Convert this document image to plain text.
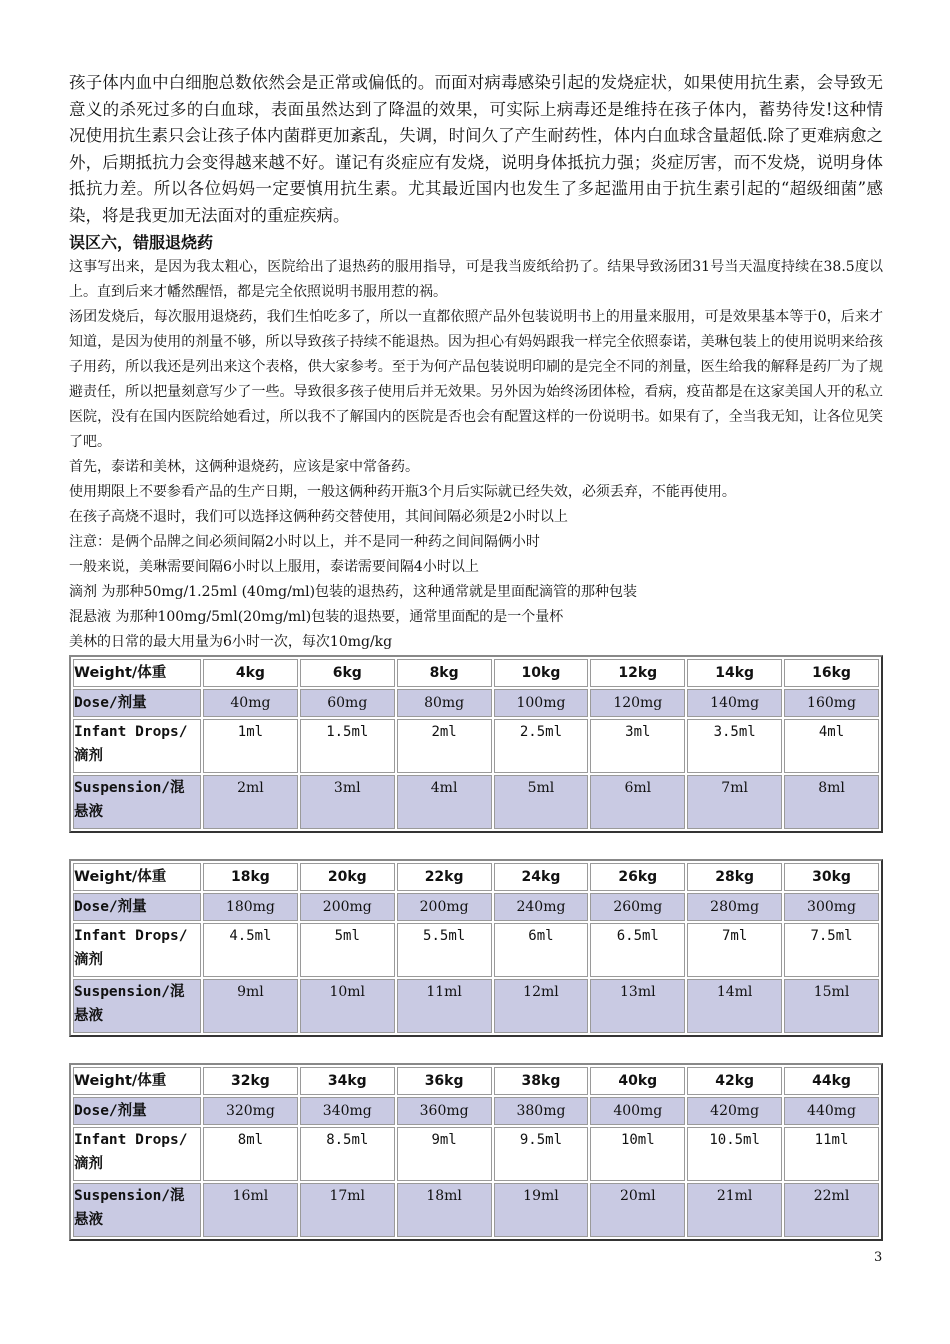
孩子体内血中白细胞总数依然会是正常或偏低的。而面对病毒感染引起的发烧症状，如果使用抗生素，会导致无意义的杀死过多的白血球，表面虽然达到了降温的效果，可实际上病毒还是维持在孩子体内，蓄势待发!这种情况使用抗生素只会让孩子体内菌群更加紊乱，失调，时间久了产生耐药性，体内白血球含量超低.除了更难病愈之外，后期抵抗力会变得越来越不好。谨记有炎症应有发烧，说明身体抵抗力强；炎症厉害，而不发烧，说明身体抵抗力差。所以各位妈妈一定要慎用抗生素。尤其最近国内也发生了多起滥用由于抗生素引起的“超级细菌”感染，将是我更加无法面对的重症疾病。

误区六，错服退烧药

这事写出来，是因为我太粗心，医院给出了退热药的服用指导，可是我当废纸给扔了。结果导致汤团31号当天温度持续在38.5度以上。直到后来才幡然醒悟，都是完全依照说明书服用惹的祸。

汤团发烧后，每次服用退烧药，我们生怕吃多了，所以一直都依照产品外包装说明书上的用量来服用，可是效果基本等于0，后来才知道，是因为使用的剂量不够，所以导致孩子持续不能退热。因为担心有妈妈跟我一样完全依照泰诺，美琳包装上的使用说明来给孩子用药，所以我还是列出来这个表格，供大家参考。至于为何产品包装说明印刷的是完全不同的剂量，医生给我的解释是药厂为了规避责任，所以把量刻意写少了一些。导致很多孩子使用后并无效果。另外因为始终汤团体检，看病，疫苗都是在这家美国人开的私立医院，没有在国内医院给她看过，所以我不了解国内的医院是否也会有配置这样的一份说明书。如果有了，全当我无知，让各位见笑了吧。

首先，泰诺和美林，这俩种退烧药，应该是家中常备药。

使用期限上不要参看产品的生产日期，一般这俩种药开瓶3个月后实际就已经失效，必须丢弃，不能再使用。

在孩子高烧不退时，我们可以选择这俩种药交替使用，其间间隔必须是2小时以上

注意：是俩个品牌之间必须间隔2小时以上，并不是同一种药之间间隔俩小时

一般来说，美琳需要间隔6小时以上服用，泰诺需要间隔4小时以上

滴剂 为那种50mg/1.25ml (40mg/ml)包装的退热药，这种通常就是里面配滴管的那种包装

混悬液 为那种100mg/5ml(20mg/ml)包装的退热要，通常里面配的是一个量杯

美林的日常的最大用量为6小时一次，每次10mg/kg

Weight/体重	4kg	6kg	8kg	10kg	12kg	14kg	16kg

Dose/剂量	40mg	60mg	80mg	100mg	120mg	140mg	160mg

Infant Drops/
滴剂	1ml	1.5ml	2ml	2.5ml	3ml	3.5ml	4ml

Suspension/混
悬液	2ml	3ml	4ml	5ml	6ml	7ml	8ml
Weight/体重	18kg	20kg	22kg	24kg	26kg	28kg	30kg

Dose/剂量	180mg	200mg	200mg	240mg	260mg	280mg	300mg

Infant Drops/
滴剂	4.5ml	5ml	5.5ml	6ml	6.5ml	7ml	7.5ml

Suspension/混
悬液	9ml	10ml	11ml	12ml	13ml	14ml	15ml
Weight/体重	32kg	34kg	36kg	38kg	40kg	42kg	44kg

Dose/剂量	320mg	340mg	360mg	380mg	400mg	420mg	440mg

Infant Drops/
滴剂	8ml	8.5ml	9ml	9.5ml	10ml	10.5ml	11ml

Suspension/混
悬液	16ml	17ml	18ml	19ml	20ml	21ml	22ml
3
